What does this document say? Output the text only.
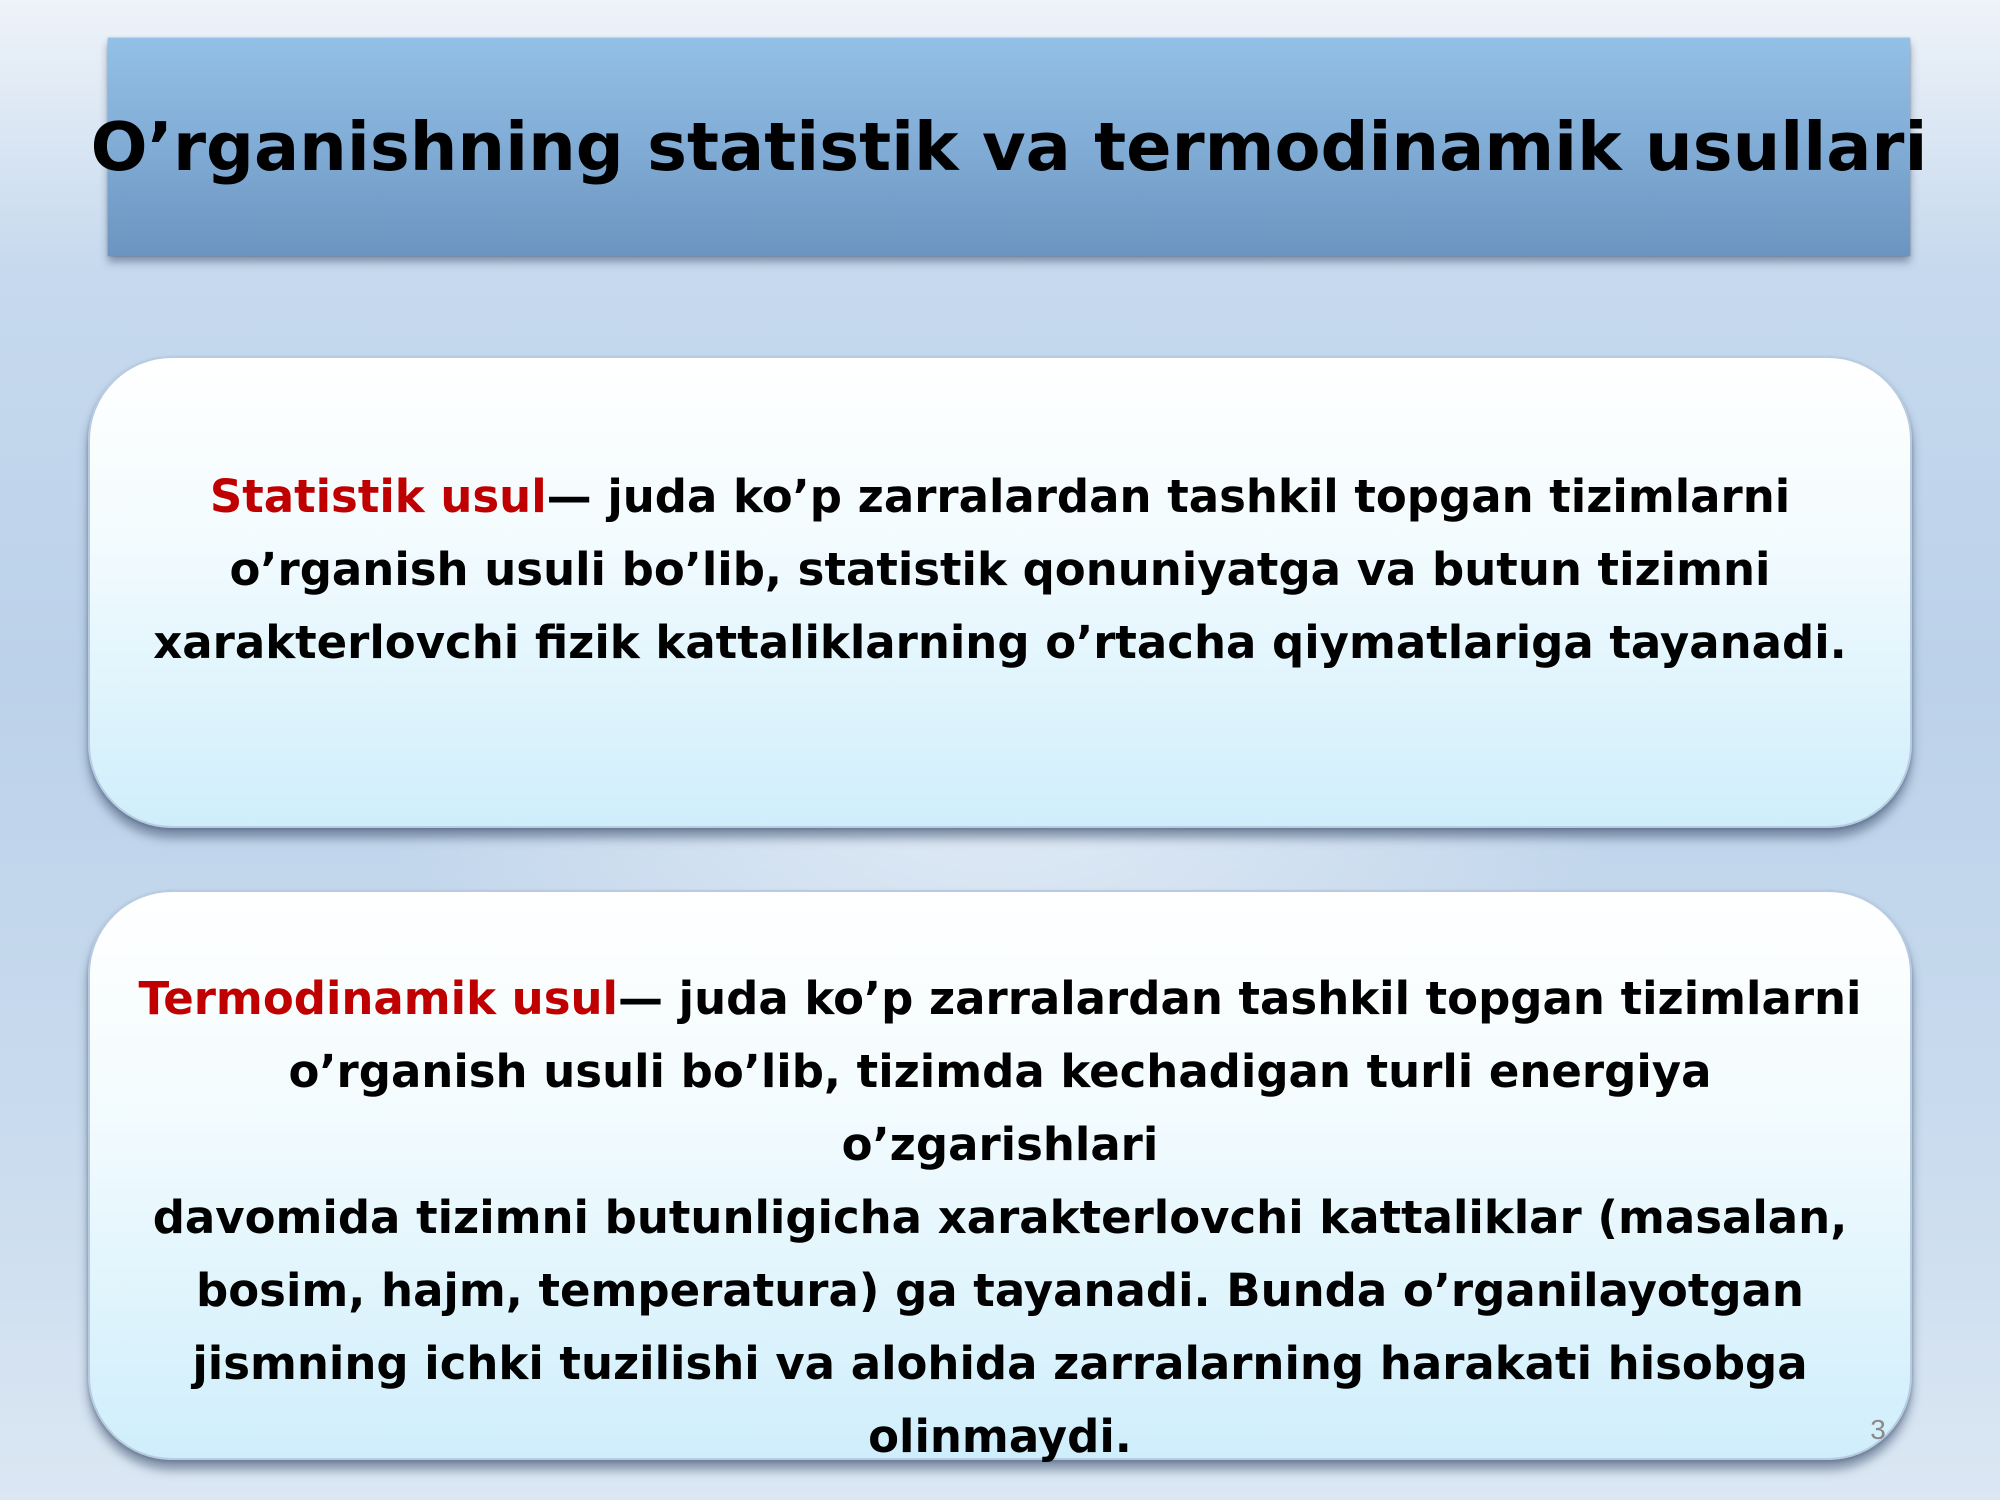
O’rganishning statistik va termodinamik usullari

Statistik usul— juda ko’p zarralardan tashkil topgan tizimlarni
o’rganish usuli bo’lib, statistik qonuniyatga va butun tizimni
xarakterlovchi fizik kattaliklarning o’rtacha qiymatlariga tayanadi.

Termodinamik usul— juda ko’p zarralardan tashkil topgan tizimlarni
o’rganish usuli bo’lib, tizimda kechadigan turli energiya o’zgarishlari
davomida tizimni butunligicha xarakterlovchi kattaliklar (masalan,
bosim, hajm, temperatura) ga tayanadi. Bunda o’rganilayotgan
jismning ichki tuzilishi va alohida zarralarning harakati hisobga
olinmaydi.	3
